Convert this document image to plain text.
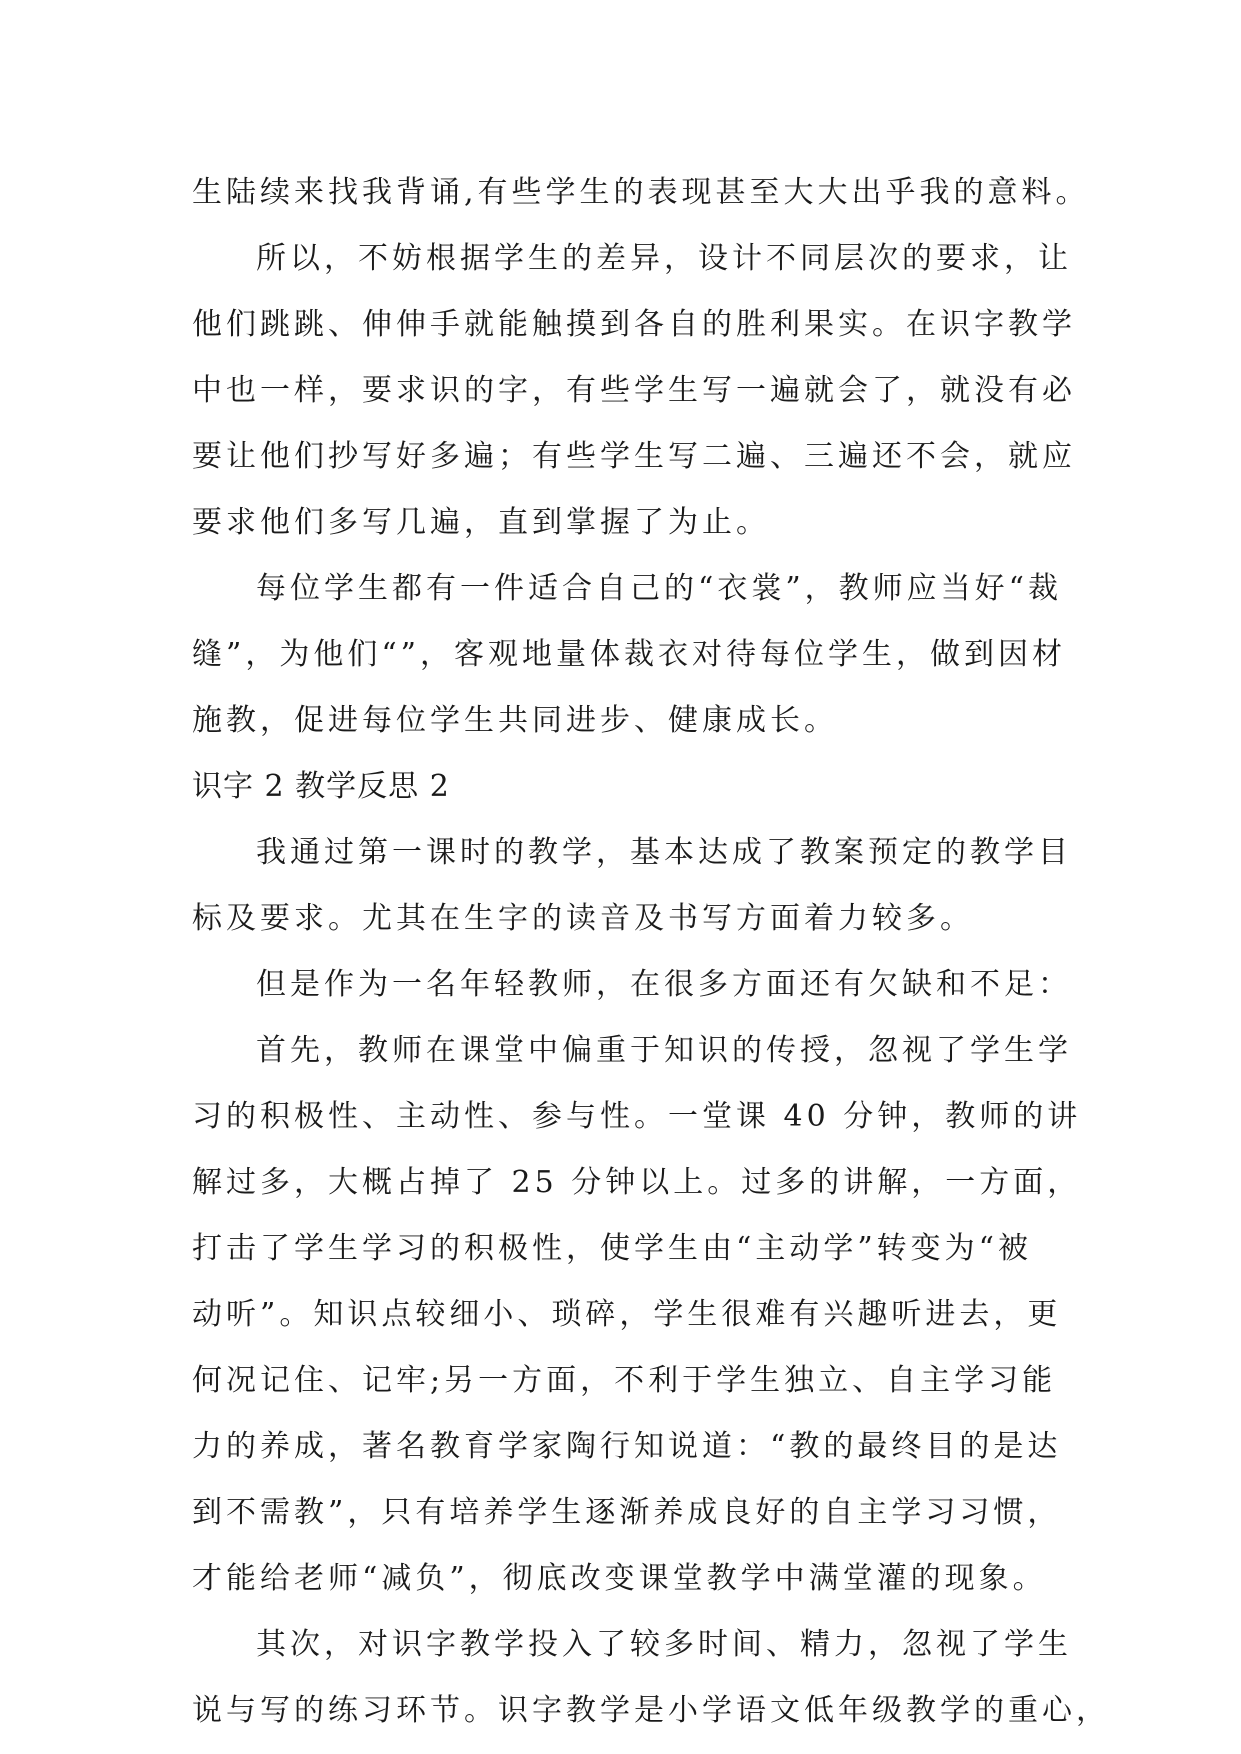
生陆续来找我背诵,有些学生的表现甚至大大出乎我的意料。

所以，不妨根据学生的差异，设计不同层次的要求，让

他们跳跳、伸伸手就能触摸到各自的胜利果实。在识字教学

中也一样，要求识的字，有些学生写一遍就会了，就没有必

要让他们抄写好多遍；有些学生写二遍、三遍还不会，就应

要求他们多写几遍，直到掌握了为止。

每位学生都有一件适合自己的“衣裳”，教师应当好“裁

缝”，为他们“”，客观地量体裁衣对待每位学生，做到因材

施教，促进每位学生共同进步、健康成长。

识字 2 教学反思 2

我通过第一课时的教学，基本达成了教案预定的教学目

标及要求。尤其在生字的读音及书写方面着力较多。

但是作为一名年轻教师，在很多方面还有欠缺和不足：

首先，教师在课堂中偏重于知识的传授，忽视了学生学

习的积极性、主动性、参与性。一堂课 40 分钟，教师的讲

解过多，大概占掉了 25 分钟以上。过多的讲解，一方面，

打击了学生学习的积极性，使学生由“主动学”转变为“被

动听”。知识点较细小、琐碎，学生很难有兴趣听进去，更

何况记住、记牢;另一方面，不利于学生独立、自主学习能

力的养成，著名教育学家陶行知说道：“教的最终目的是达

到不需教”，只有培养学生逐渐养成良好的自主学习习惯，

才能给老师“减负”，彻底改变课堂教学中满堂灌的现象。

其次，对识字教学投入了较多时间、精力，忽视了学生

说与写的练习环节。识字教学是小学语文低年级教学的重心，
